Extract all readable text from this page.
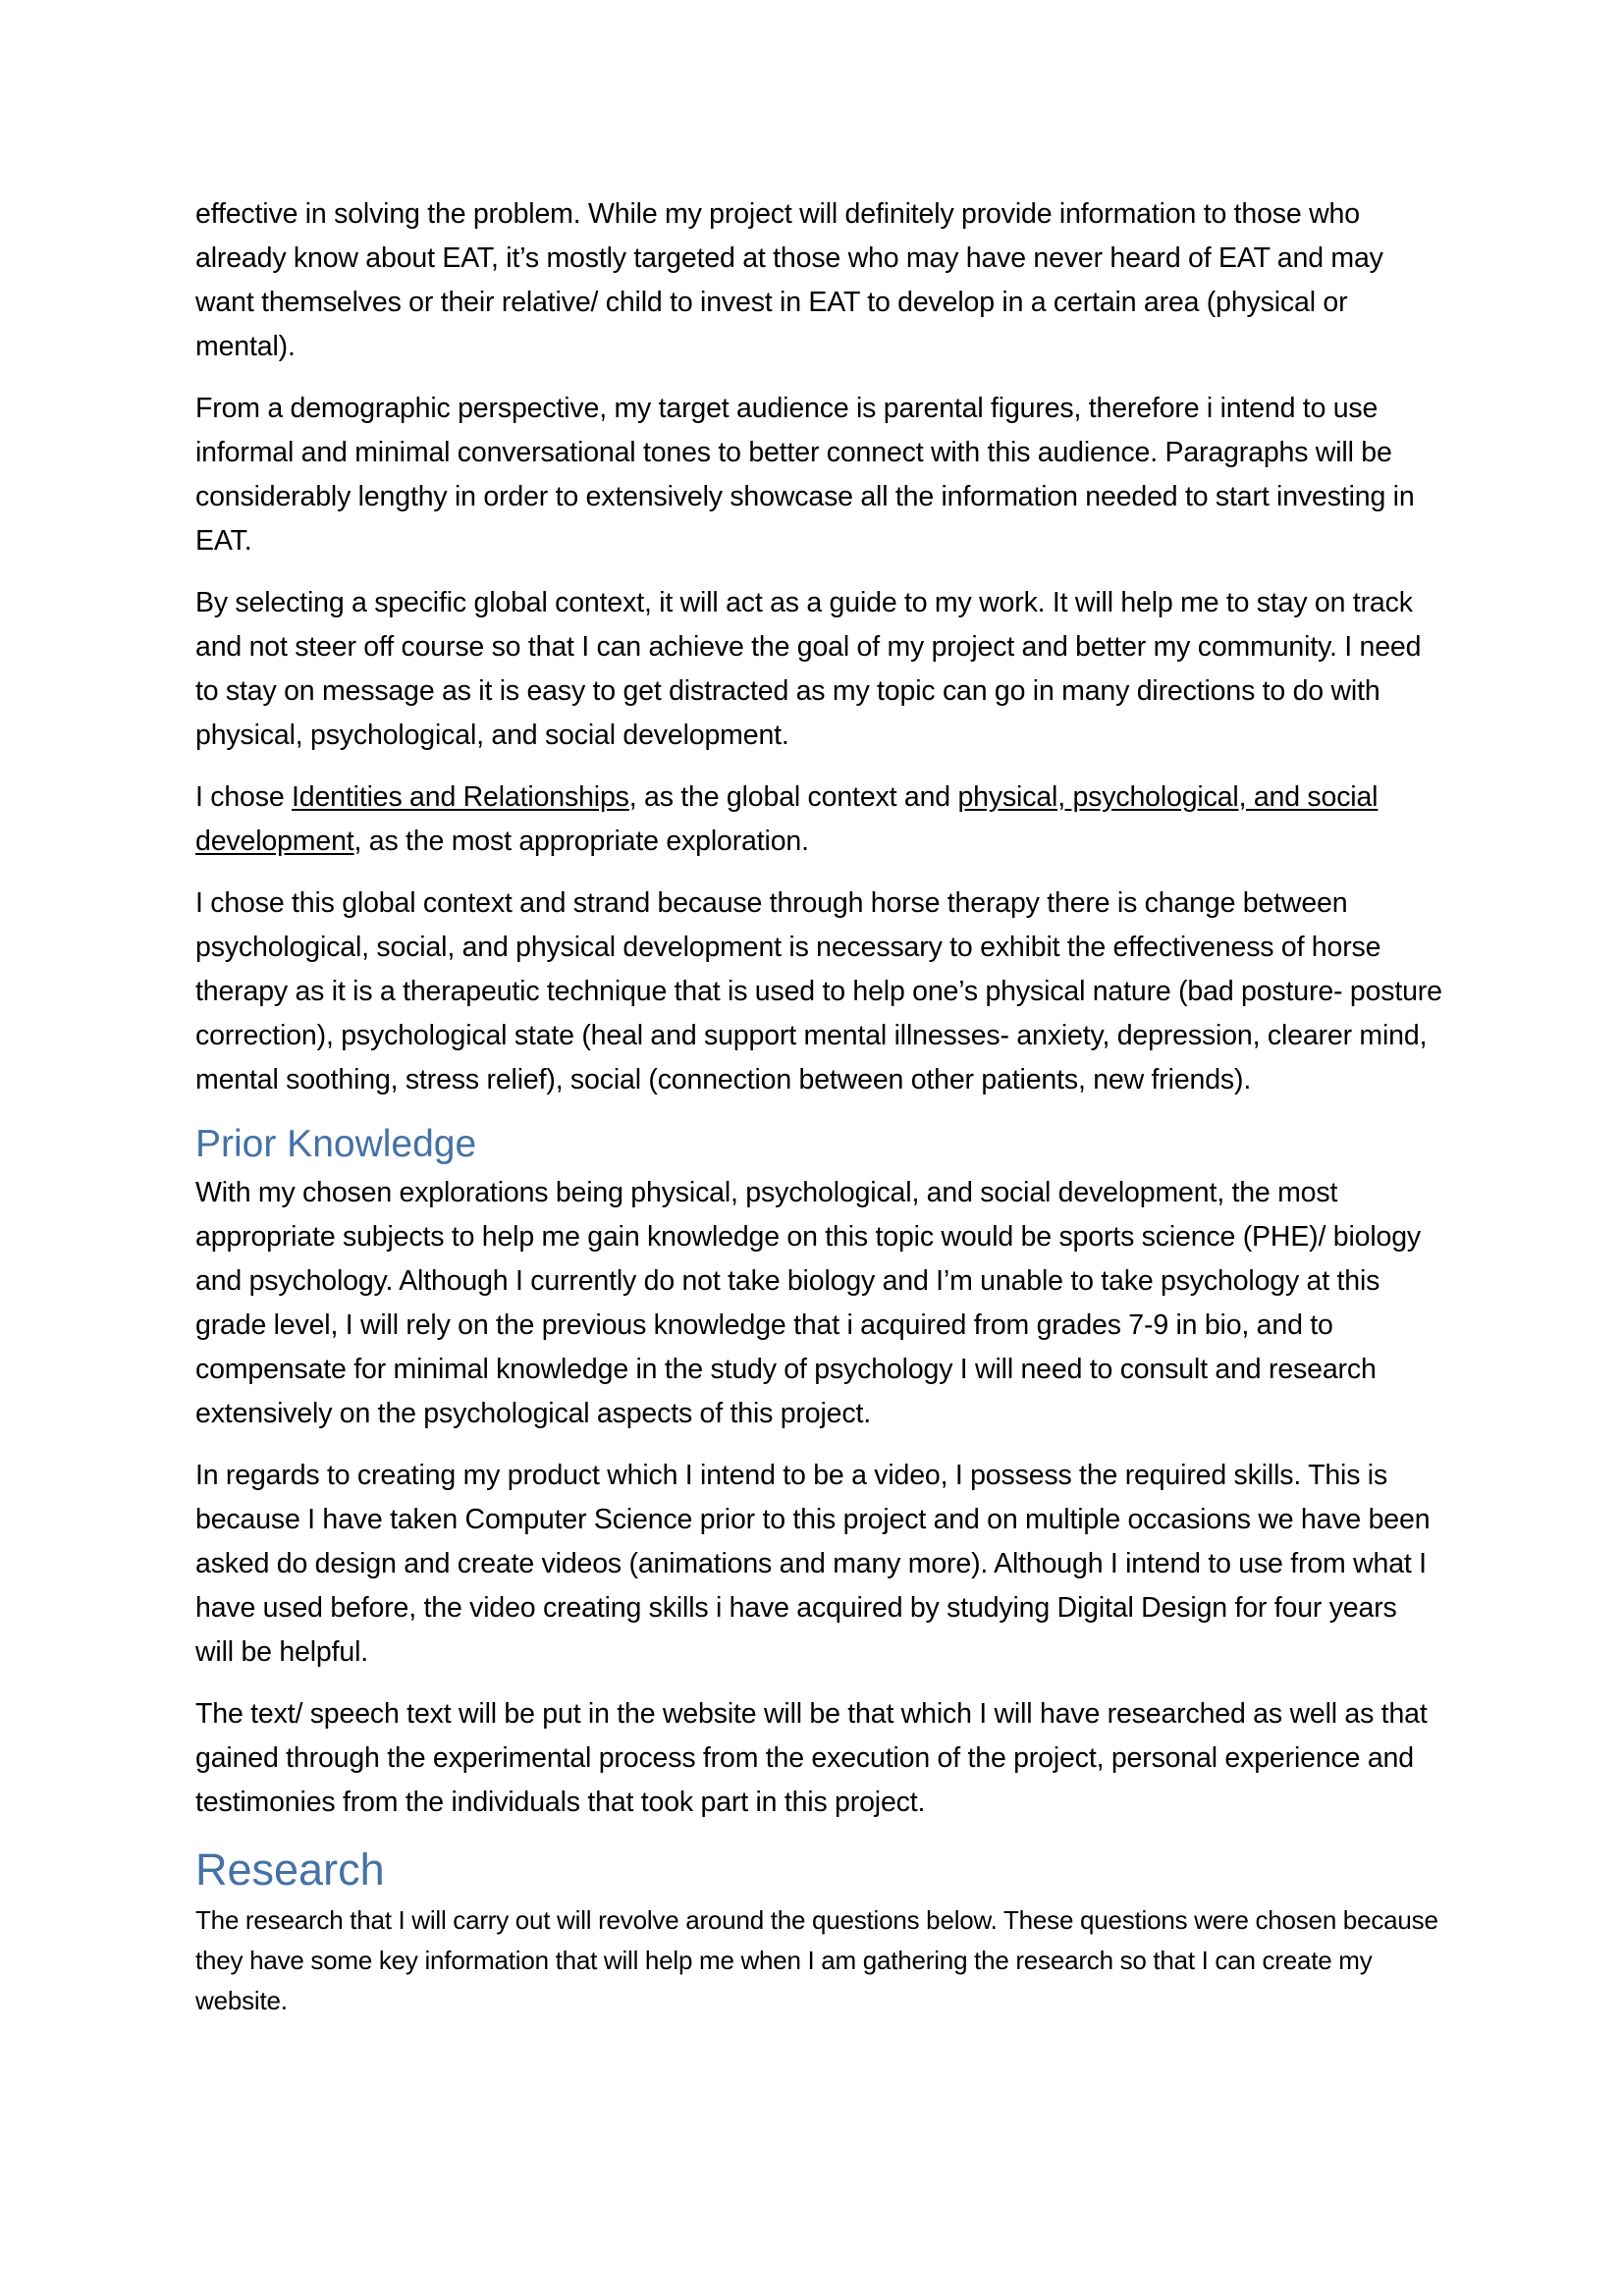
effective in solving the problem. While my project will definitely provide information to those who already know about EAT, it’s mostly targeted at those who may have never heard of EAT and may want themselves or their relative/ child to invest in EAT to develop in a certain area (physical or mental).

From a demographic perspective, my target audience is parental figures, therefore i intend to use informal and minimal conversational tones to better connect with this audience. Paragraphs will be considerably lengthy in order to extensively showcase all the information needed to start investing in EAT.

By selecting a specific global context, it will act as a guide to my work. It will help me to stay on track and not steer off course so that I can achieve the goal of my project and better my community. I need to stay on message as it is easy to get distracted as my topic can go in many directions to do with physical, psychological, and social development.

I chose Identities and Relationships, as the global context and physical, psychological, and social development, as the most appropriate exploration.

I chose this global context and strand because through horse therapy there is change between psychological, social, and physical development is necessary to exhibit the effectiveness of horse therapy as it is a therapeutic technique that is used to help one’s physical nature (bad posture- posture correction), psychological state (heal and support mental illnesses- anxiety, depression, clearer mind, mental soothing, stress relief), social (connection between other patients, new friends).

Prior Knowledge

With my chosen explorations being physical, psychological, and social development, the most appropriate subjects to help me gain knowledge on this topic would be sports science (PHE)/ biology and psychology. Although I currently do not take biology and I’m unable to take psychology at this grade level, I will rely on the previous knowledge that i acquired from grades 7-9 in bio, and to compensate for minimal knowledge in the study of psychology I will need to consult and research extensively on the psychological aspects of this project.

In regards to creating my product which I intend to be a video, I possess the required skills. This is because I have taken Computer Science prior to this project and on multiple occasions we have been asked do design and create videos (animations and many more). Although I intend to use from what I have used before, the video creating skills i have acquired by studying Digital Design for four years will be helpful.

The text/ speech text will be put in the website will be that which I will have researched as well as that gained through the experimental process from the execution of the project, personal experience and testimonies from the individuals that took part in this project.

Research

The research that I will carry out will revolve around the questions below. These questions were chosen because they have some key information that will help me when I am gathering the research so that I can create my website.
